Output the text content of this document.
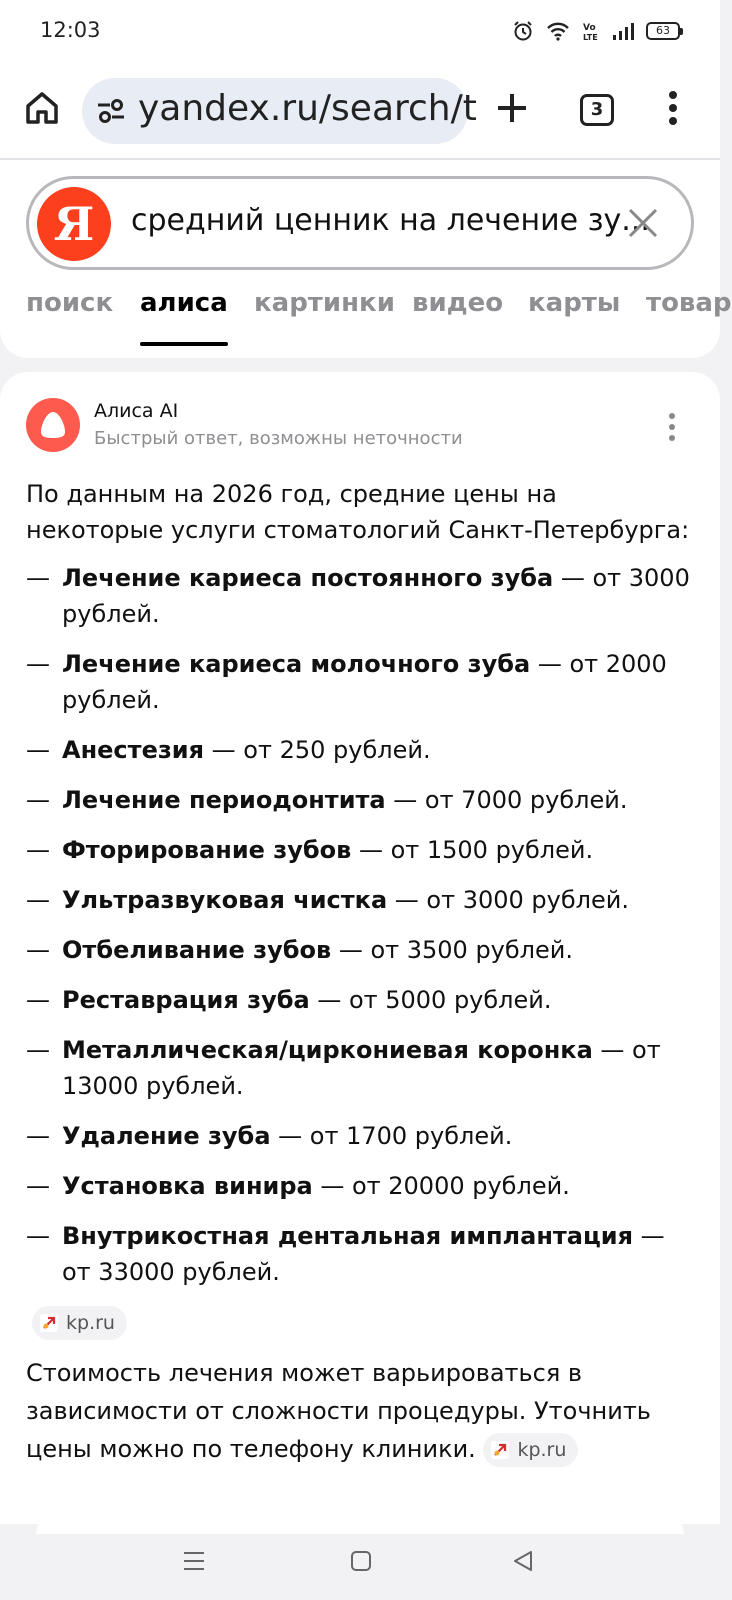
12:03	Vo
LTE
63
yandex.ru/search/t	3
Я	средний ценник на лечение зу...
поиск алиса картинки видео карты товар
Алиса AI
Быстрый ответ, возможны неточности

По данным на 2026 год, средние цены на некоторые услуги стоматологий Санкт-Петербурга:

— Лечение кариеса постоянного зуба — от 3000 рублей.
— Лечение кариеса молочного зуба — от 2000 рублей.
— Анестезия — от 250 рублей.
— Лечение периодонтита — от 7000 рублей.
— Фторирование зубов — от 1500 рублей.
— Ультразвуковая чистка — от 3000 рублей.
— Отбеливание зубов — от 3500 рублей.
— Реставрация зуба — от 5000 рублей.
— Металлическая/циркониевая коронка — от 13000 рублей.
— Удаление зуба — от 1700 рублей.
— Установка винира — от 20000 рублей.
— Внутрикостная дентальная имплантация — от 33000 рублей.
kp.ru

Стоимость лечения может варьироваться в зависимости от сложности процедуры. Уточнить цены можно по телефону клиники. kp.ru
